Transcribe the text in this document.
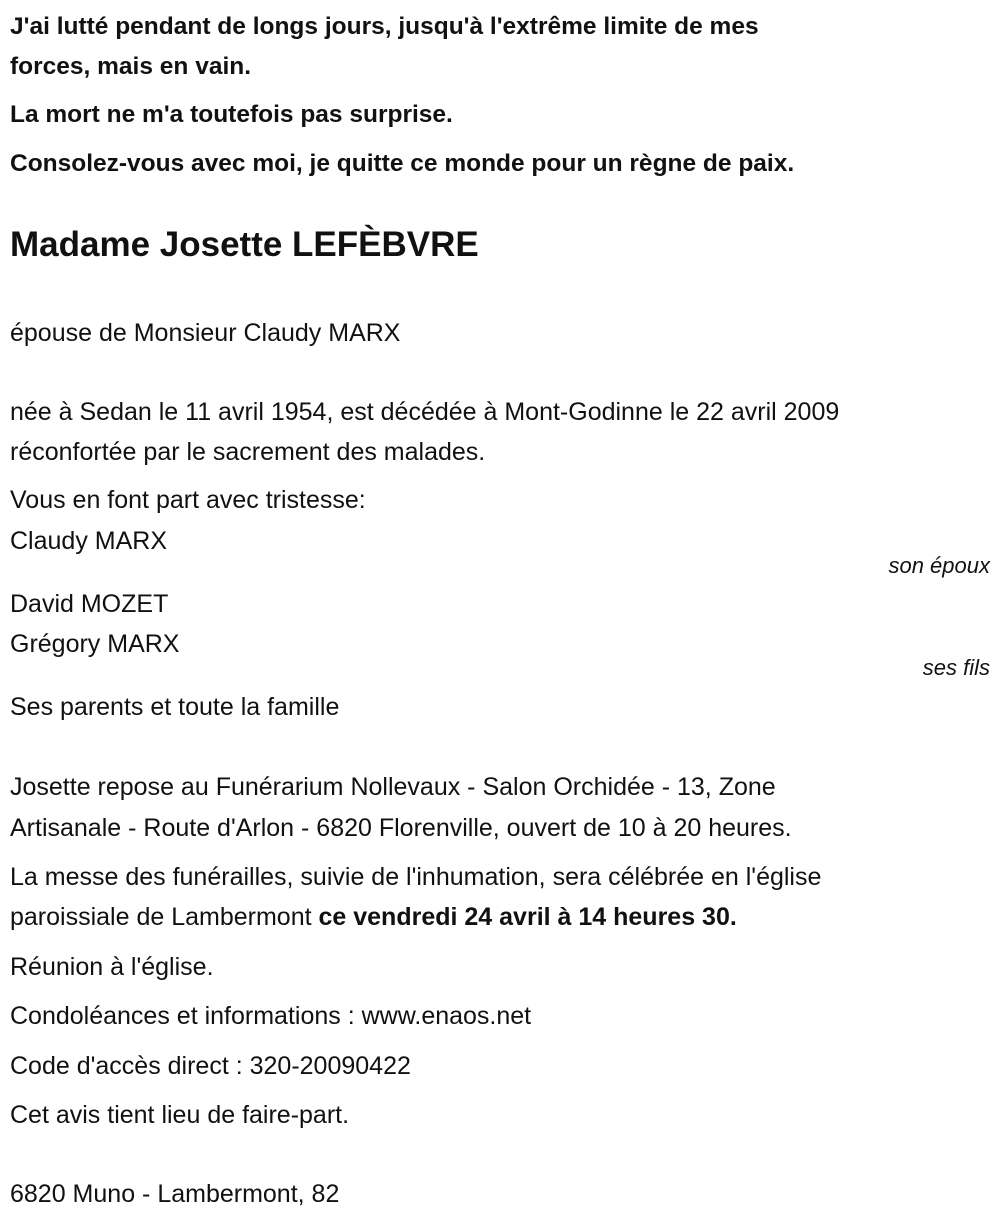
J'ai lutté pendant de longs jours, jusqu'à l'extrême limite de mes
forces, mais en vain.
La mort ne m'a toutefois pas surprise.
Consolez-vous avec moi, je quitte ce monde pour un règne de paix.
Madame Josette LEFÈBVRE
épouse de Monsieur Claudy MARX
née à Sedan le 11 avril 1954, est décédée à Mont-Godinne le 22 avril 2009
réconfortée par le sacrement des malades.
Vous en font part avec tristesse:
Claudy MARX
son époux
David MOZET
Grégory MARX
ses fils
Ses parents et toute la famille
Josette repose au Funérarium Nollevaux - Salon Orchidée - 13, Zone
Artisanale - Route d'Arlon - 6820 Florenville, ouvert de 10 à 20 heures.
La messe des funérailles, suivie de l'inhumation, sera célébrée en l'église
paroissiale de Lambermont ce vendredi 24 avril à 14 heures 30.
Réunion à l'église.
Condoléances et informations : www.enaos.net
Code d'accès direct : 320-20090422
Cet avis tient lieu de faire-part.
6820 Muno - Lambermont, 82
